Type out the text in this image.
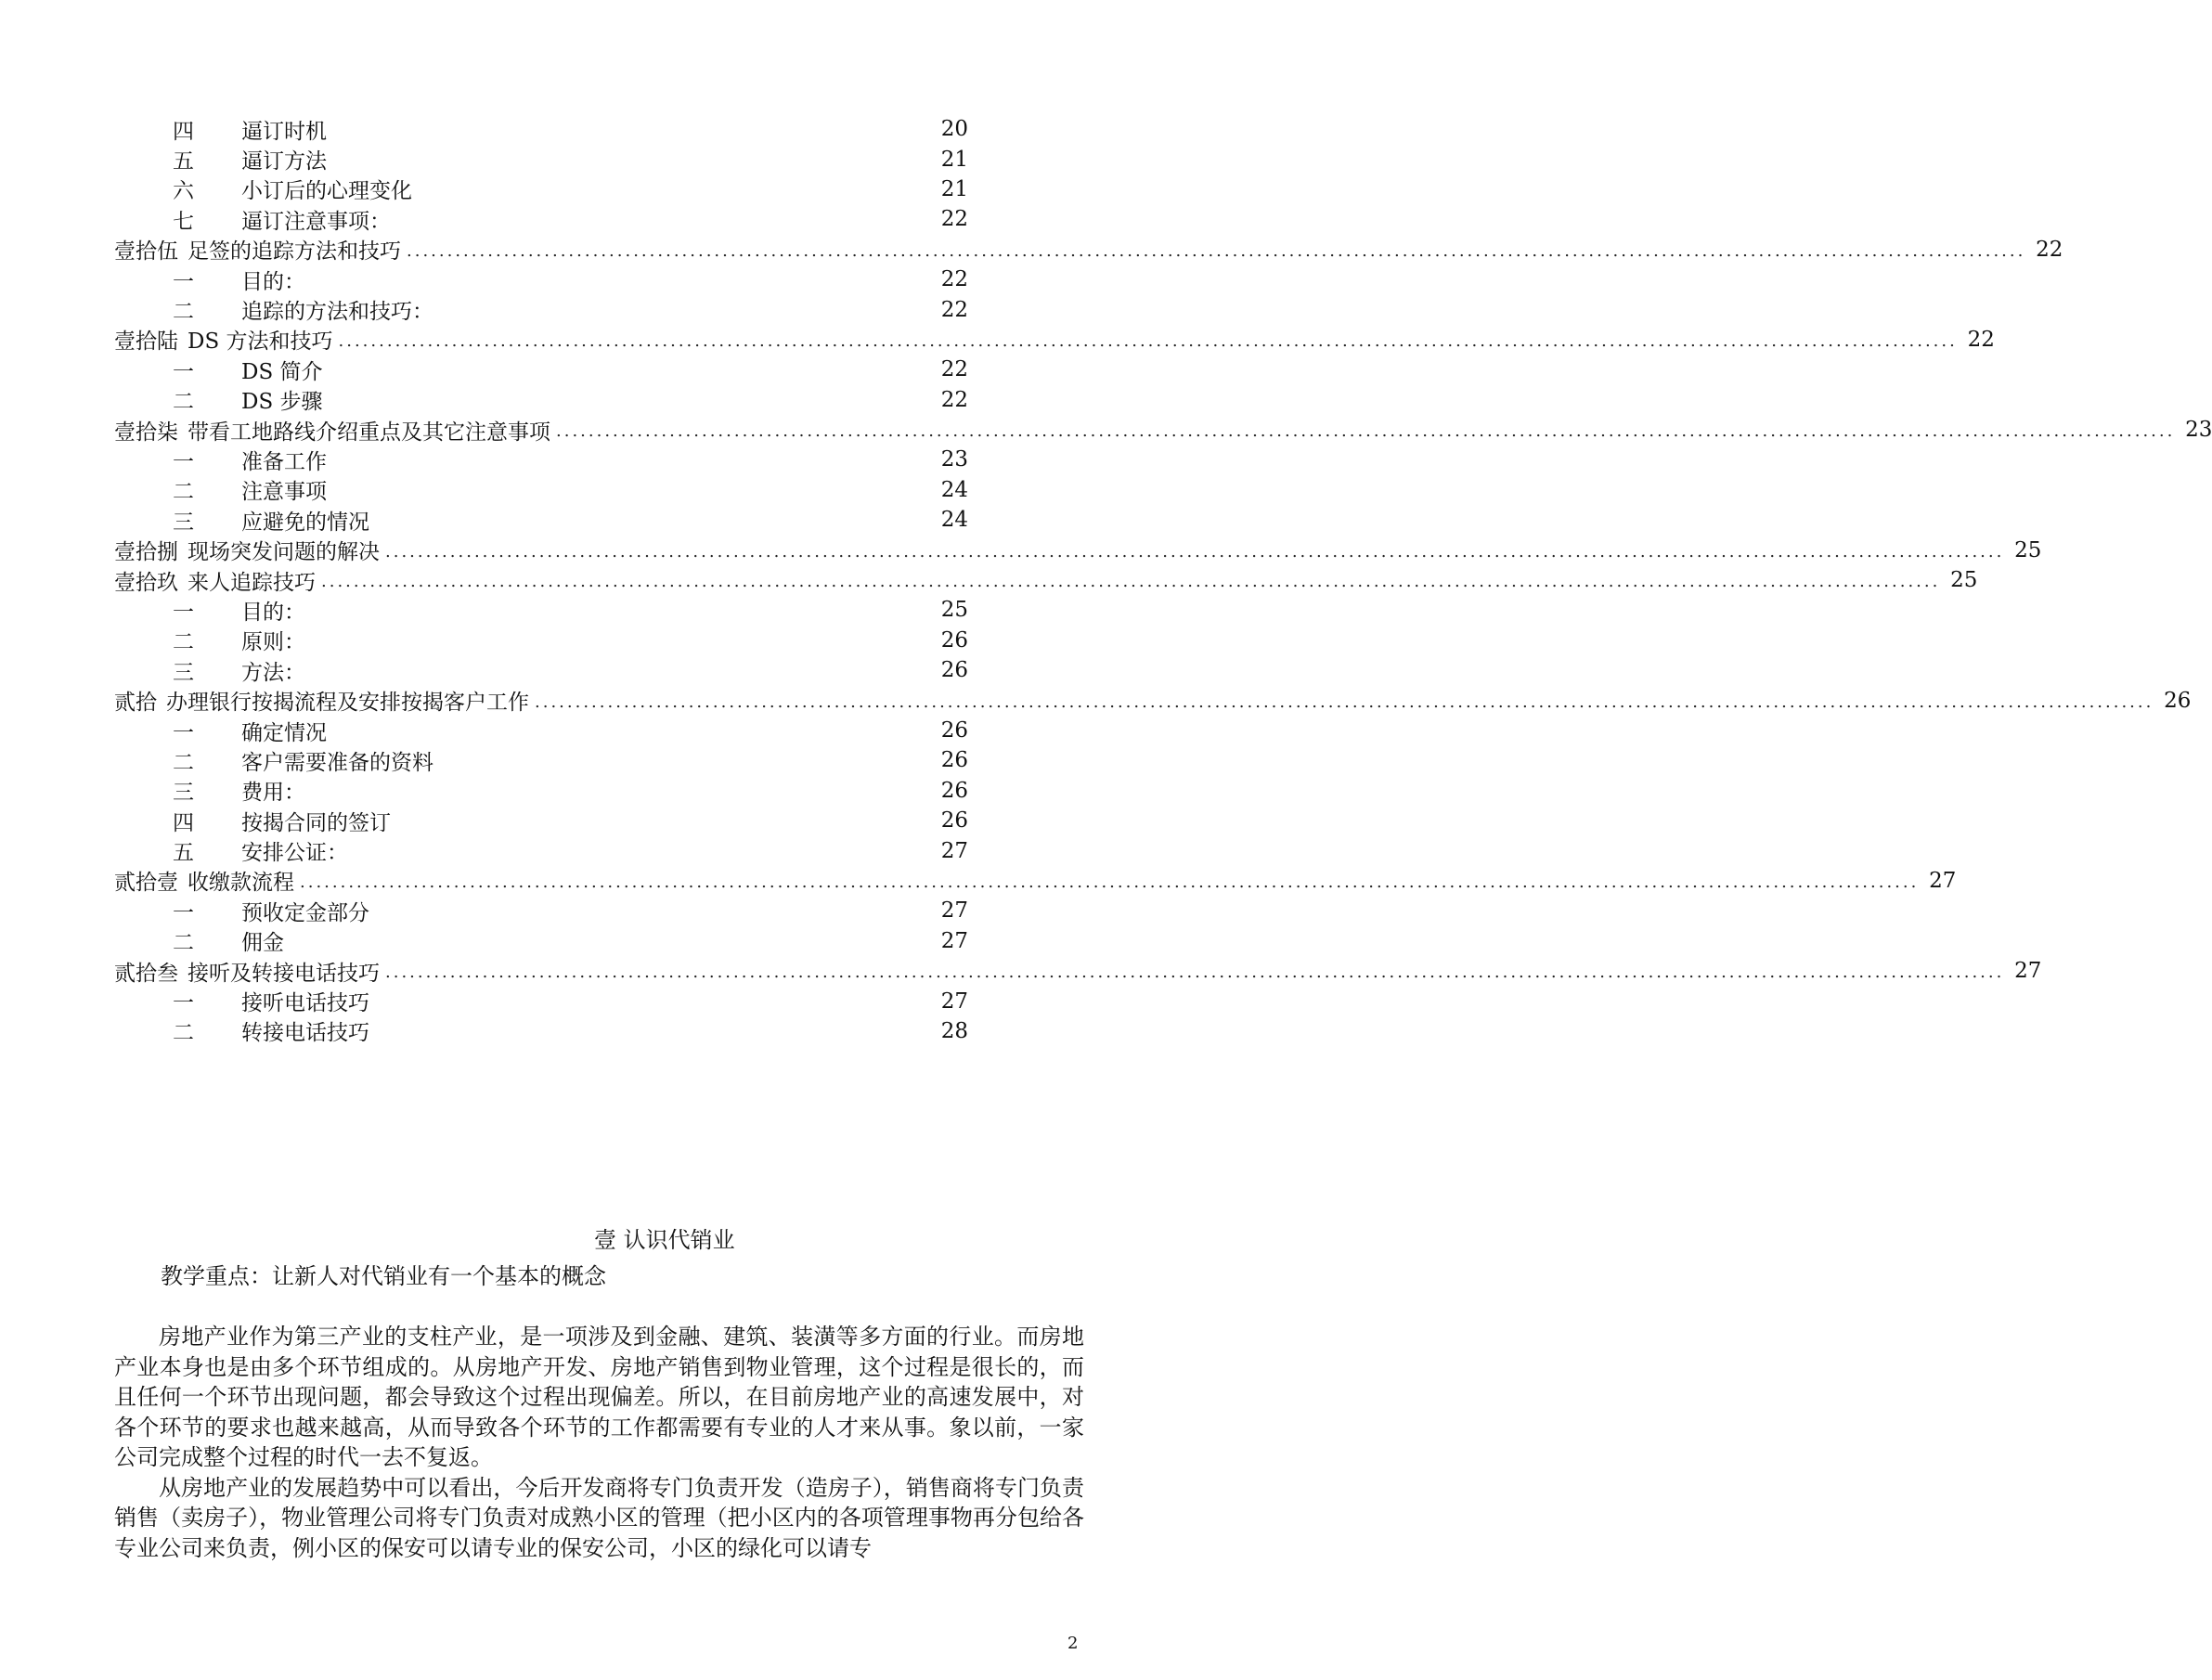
四	逼订时机	20
五	逼订方法	21
六	小订后的心理变化	21
七	逼订注意事项：	22
壹拾伍 足签的追踪方法和技巧 ........................................................................................................................................................................................................ 22
一	目的：	22
二	追踪的方法和技巧：	22
壹拾陆 DS 方法和技巧 ........................................................................................................................................................................................................ 22
一	DS 简介	22
二	DS 步骤	22
壹拾柒 带看工地路线介绍重点及其它注意事项 ........................................................................................................................................................................................................ 23
一	准备工作	23
二	注意事项	24
三	应避免的情况	24
壹拾捌 现场突发问题的解决 ........................................................................................................................................................................................................ 25
壹拾玖 来人追踪技巧 ........................................................................................................................................................................................................ 25
一	目的：	25
二	原则：	26
三	方法：	26
贰拾 办理银行按揭流程及安排按揭客户工作 ........................................................................................................................................................................................................ 26
一	确定情况	26
二	客户需要准备的资料	26
三	费用：	26
四	按揭合同的签订	26
五	安排公证：	27
贰拾壹 收缴款流程 ........................................................................................................................................................................................................ 27
一	预收定金部分	27
二	佣金	27
贰拾叁 接听及转接电话技巧 ........................................................................................................................................................................................................ 27
一	接听电话技巧	27
二	转接电话技巧	28
壹 认识代销业
教学重点：让新人对代销业有一个基本的概念

房地产业作为第三产业的支柱产业，是一项涉及到金融、建筑、装潢等多方面的行业。而房地产业本身也是由多个环节组成的。从房地产开发、房地产销售到物业管理，这个过程是很长的，而且任何一个环节出现问题，都会导致这个过程出现偏差。所以，在目前房地产业的高速发展中，对各个环节的要求也越来越高，从而导致各个环节的工作都需要有专业的人才来从事。象以前，一家公司完成整个过程的时代一去不复返。

从房地产业的发展趋势中可以看出，今后开发商将专门负责开发（造房子），销售商将专门负责销售（卖房子），物业管理公司将专门负责对成熟小区的管理（把小区内的各项管理事物再分包给各专业公司来负责，例小区的保安可以请专业的保安公司，小区的绿化可以请专

2
